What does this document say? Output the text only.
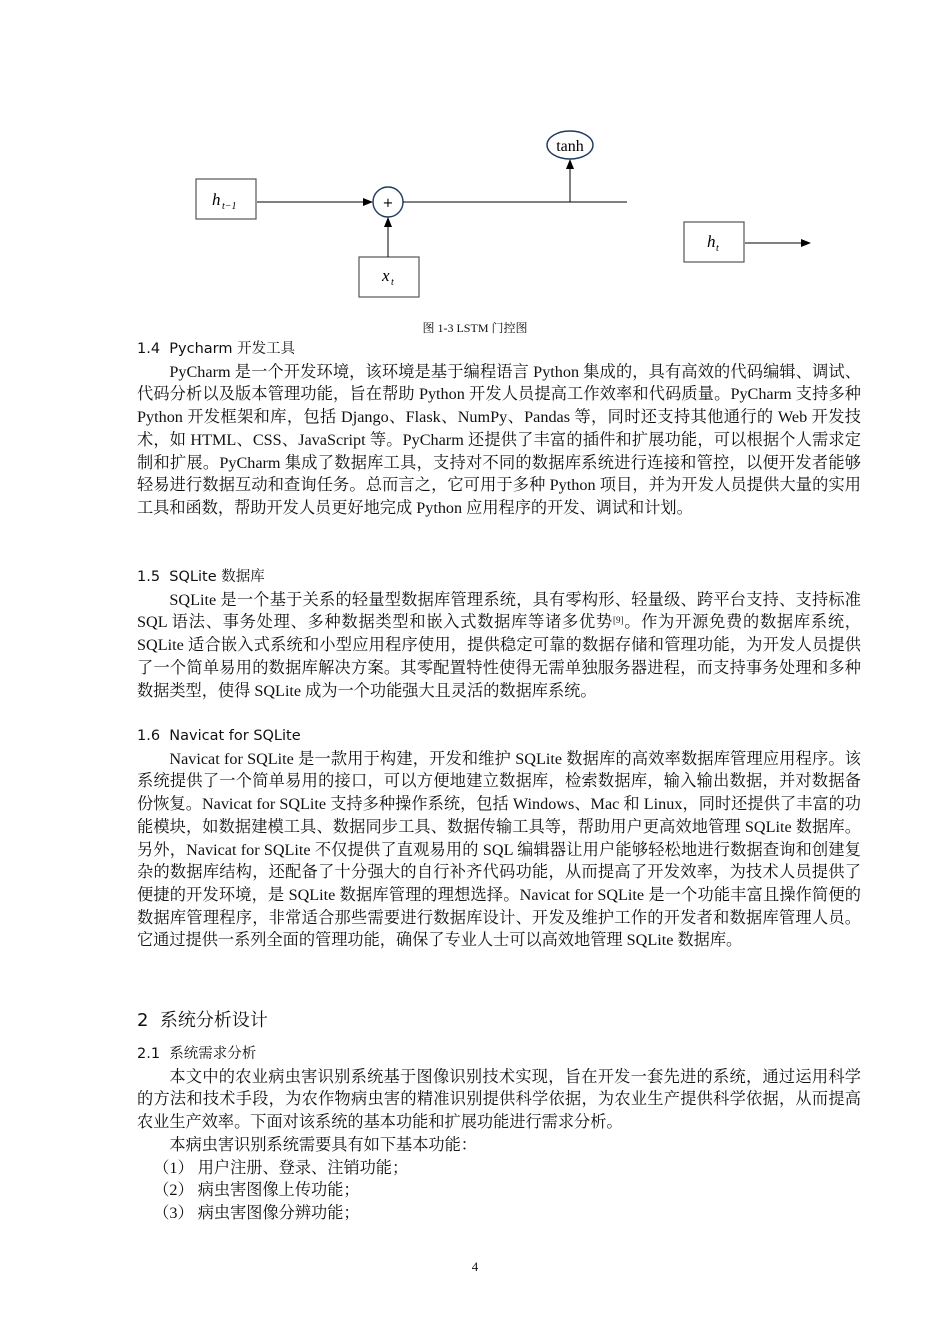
h t−1	+
x t
tanh
h t
图 1-3 LSTM 门控图
1.4  Pycharm 开发工具

PyCharm 是一个开发环境，该环境是基于编程语言 Python 集成的，具有高效的代码编辑、调试、代码分析以及版本管理功能，旨在帮助 Python 开发人员提高工作效率和代码质量。PyCharm 支持多种 Python 开发框架和库，包括 Django、Flask、NumPy、Pandas 等，同时还支持其他通行的 Web 开发技术，如 HTML、CSS、JavaScript 等。PyCharm 还提供了丰富的插件和扩展功能，可以根据个人需求定制和扩展。PyCharm 集成了数据库工具，支持对不同的数据库系统进行连接和管控，以便开发者能够轻易进行数据互动和查询任务。总而言之，它可用于多种 Python 项目，并为开发人员提供大量的实用工具和函数，帮助开发人员更好地完成 Python 应用程序的开发、调试和计划。

1.5  SQLite 数据库

SQLite 是一个基于关系的轻量型数据库管理系统，具有零构形、轻量级、跨平台支持、支持标准 SQL 语法、事务处理、多种数据类型和嵌入式数据库等诸多优势[9]。作为开源免费的数据库系统，SQLite 适合嵌入式系统和小型应用程序使用，提供稳定可靠的数据存储和管理功能，为开发人员提供了一个简单易用的数据库解决方案。其零配置特性使得无需单独服务器进程，而支持事务处理和多种数据类型，使得 SQLite 成为一个功能强大且灵活的数据库系统。

1.6  Navicat for SQLite

Navicat for SQLite 是一款用于构建，开发和维护 SQLite 数据库的高效率数据库管理应用程序。该系统提供了一个简单易用的接口，可以方便地建立数据库，检索数据库，输入输出数据，并对数据备份恢复。Navicat for SQLite 支持多种操作系统，包括 Windows、Mac 和 Linux，同时还提供了丰富的功能模块，如数据建模工具、数据同步工具、数据传输工具等，帮助用户更高效地管理 SQLite 数据库。另外，Navicat for SQLite 不仅提供了直观易用的 SQL 编辑器让用户能够轻松地进行数据查询和创建复杂的数据库结构，还配备了十分强大的自行补齐代码功能，从而提高了开发效率，为技术人员提供了便捷的开发环境，是 SQLite 数据库管理的理想选择。Navicat for SQLite 是一个功能丰富且操作简便的数据库管理程序，非常适合那些需要进行数据库设计、开发及维护工作的开发者和数据库管理人员。它通过提供一系列全面的管理功能，确保了专业人士可以高效地管理 SQLite 数据库。

2  系统分析设计
2.1  系统需求分析

本文中的农业病虫害识别系统基于图像识别技术实现，旨在开发一套先进的系统，通过运用科学的方法和技术手段，为农作物病虫害的精准识别提供科学依据，为农业生产提供科学依据，从而提高农业生产效率。下面对该系统的基本功能和扩展功能进行需求分析。

本病虫害识别系统需要具有如下基本功能：

（1） 用户注册、登录、注销功能；
（2） 病虫害图像上传功能；
（3） 病虫害图像分辨功能；
4
